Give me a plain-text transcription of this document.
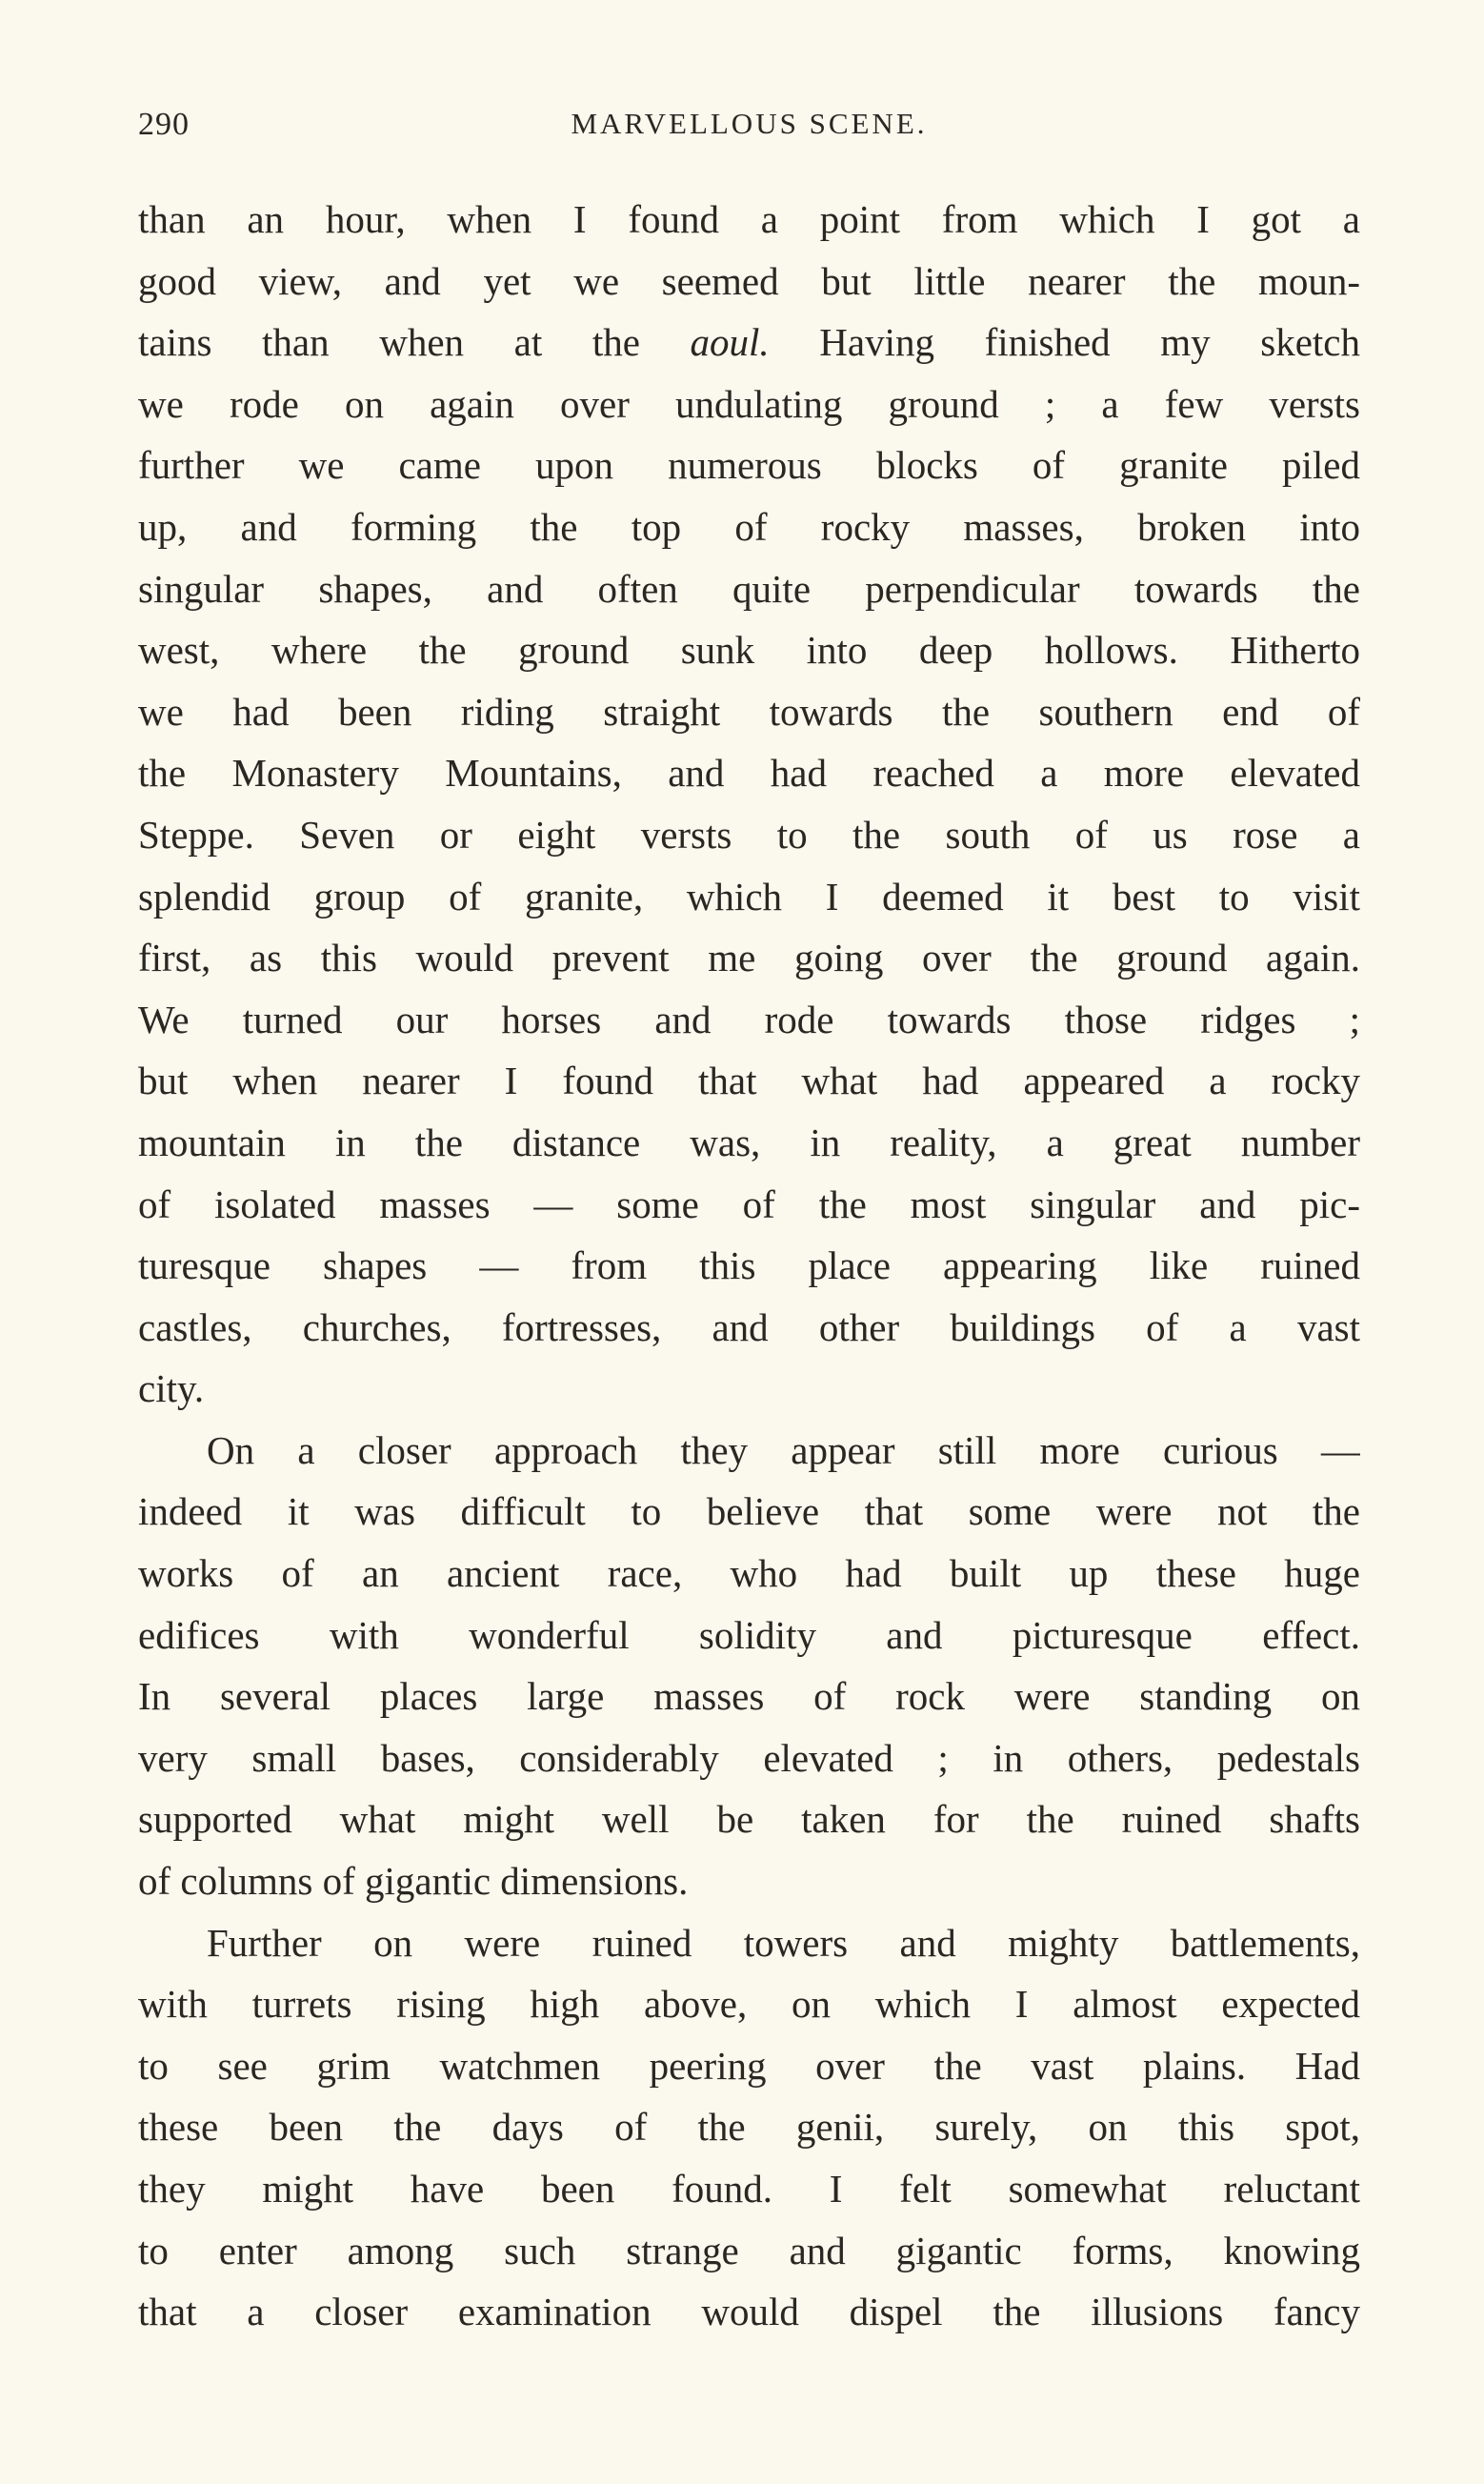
290	MARVELLOUS SCENE.
than an hour, when I found a point from which I got a
good view, and yet we seemed but little nearer the moun-
tains than when at the aoul. Having finished my sketch
we rode on again over undulating ground ; a few versts
further we came upon numerous blocks of granite piled
up, and forming the top of rocky masses, broken into
singular shapes, and often quite perpendicular towards the
west, where the ground sunk into deep hollows. Hitherto
we had been riding straight towards the southern end of
the Monastery Mountains, and had reached a more elevated
Steppe. Seven or eight versts to the south of us rose a
splendid group of granite, which I deemed it best to visit
first, as this would prevent me going over the ground again.
We turned our horses and rode towards those ridges ;
but when nearer I found that what had appeared a rocky
mountain in the distance was, in reality, a great number
of isolated masses — some of the most singular and pic-
turesque shapes — from this place appearing like ruined
castles, churches, fortresses, and other buildings of a vast
city.
On a closer approach they appear still more curious —
indeed it was difficult to believe that some were not the
works of an ancient race, who had built up these huge
edifices with wonderful solidity and picturesque effect.
In several places large masses of rock were standing on
very small bases, considerably elevated ; in others, pedestals
supported what might well be taken for the ruined shafts
of columns of gigantic dimensions.
Further on were ruined towers and mighty battlements,
with turrets rising high above, on which I almost expected
to see grim watchmen peering over the vast plains. Had
these been the days of the genii, surely, on this spot,
they might have been found. I felt somewhat reluctant
to enter among such strange and gigantic forms, knowing
that a closer examination would dispel the illusions fancy
